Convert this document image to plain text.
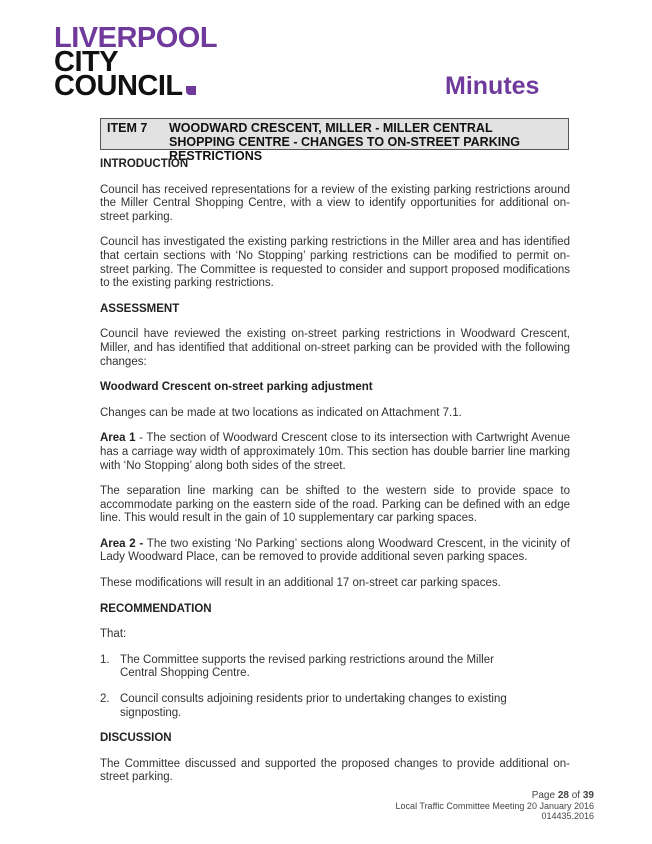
LIVERPOOL
CITY
COUNCIL	Minutes
ITEM 7 WOODWARD CRESCENT, MILLER - MILLER CENTRAL SHOPPING CENTRE - CHANGES TO ON-STREET PARKING RESTRICTIONS
INTRODUCTION

Council has received representations for a review of the existing parking restrictions around the Miller Central Shopping Centre, with a view to identify opportunities for additional on-street parking.

Council has investigated the existing parking restrictions in the Miller area and has identified that certain sections with ‘No Stopping’ parking restrictions can be modified to permit on-street parking. The Committee is requested to consider and support proposed modifications to the existing parking restrictions.

ASSESSMENT

Council have reviewed the existing on-street parking restrictions in Woodward Crescent, Miller, and has identified that additional on-street parking can be provided with the following changes:

Woodward Crescent on-street parking adjustment

Changes can be made at two locations as indicated on Attachment 7.1.

Area 1 - The section of Woodward Crescent close to its intersection with Cartwright Avenue has a carriage way width of approximately 10m. This section has double barrier line marking with ‘No Stopping’ along both sides of the street.

The separation line marking can be shifted to the western side to provide space to accommodate parking on the eastern side of the road. Parking can be defined with an edge line. This would result in the gain of 10 supplementary car parking spaces.

Area 2 - The two existing ‘No Parking’ sections along Woodward Crescent, in the vicinity of Lady Woodward Place, can be removed to provide additional seven parking spaces.

These modifications will result in an additional 17 on-street car parking spaces.

RECOMMENDATION

That:

1. The Committee supports the revised parking restrictions around the Miller Central Shopping Centre.
2. Council consults adjoining residents prior to undertaking changes to existing signposting.
DISCUSSION

The Committee discussed and supported the proposed changes to provide additional on-street parking.

Page 28 of 39
Local Traffic Committee Meeting 20 January 2016
014435.2016
